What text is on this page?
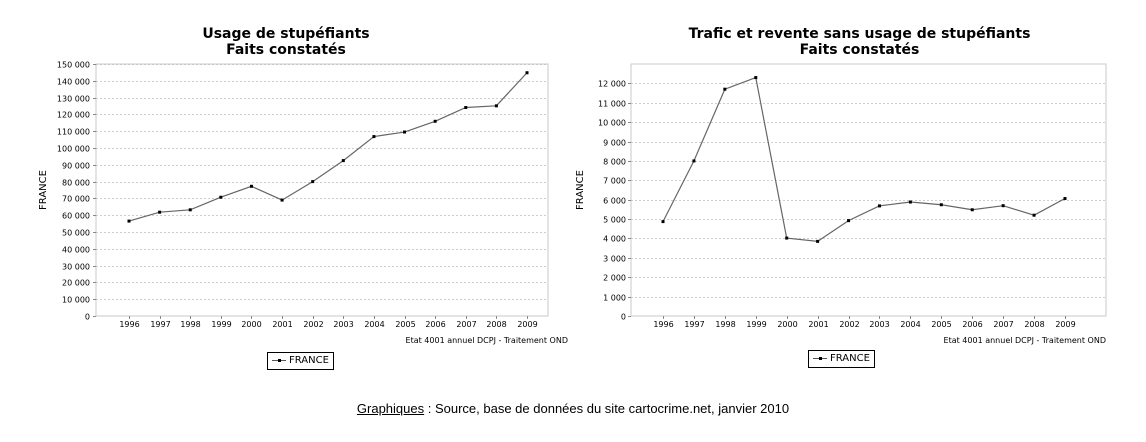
Usage de stupéfiants
Faits constatés
0
10 000
20 000
30 000
40 000
50 000
60 000
70 000
80 000
90 000
100 000
110 000
120 000
130 000
140 000
150 000
FRANCE
1996 1997 1998 1999 2000 2001 2002 2003 2004 2005 2006 2007 2008 2009
Etat 4001 annuel DCPJ - Traitement OND
FRANCE
Trafic et revente sans usage de stupéfiants
Faits constatés
0
1 000
2 000
3 000
4 000
5 000
6 000
7 000
8 000
9 000
10 000
11 000
12 000
FRANCE
1996 1997 1998 1999 2000 2001 2002 2003 2004 2005 2006 2007 2008 2009
Etat 4001 annuel DCPJ - Traitement OND
FRANCE
Graphiques : Source, base de données du site cartocrime.net, janvier 2010
